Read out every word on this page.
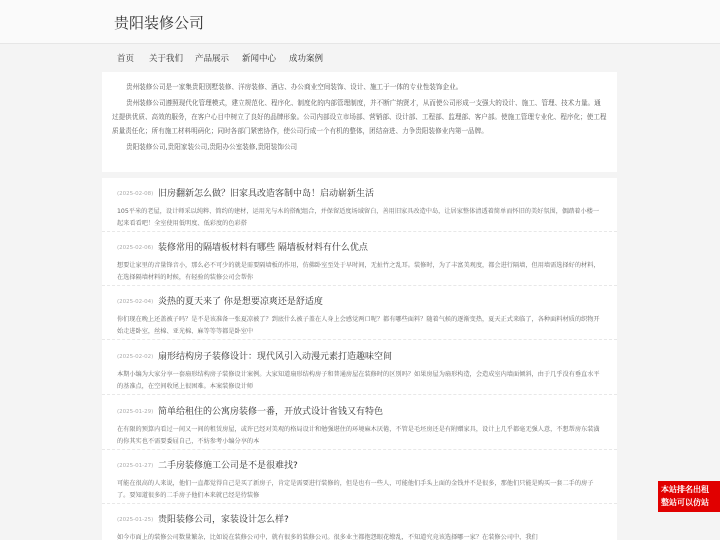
贵阳装修公司
首页 关于我们 产品展示 新闻中心 成功案例

贵州装修公司是一家集贵阳别墅装修、洋房装修、酒店、办公商业空间装饰、设计、施工于一体的专业性装饰企业。

贵州装修公司遵照现代化管理模式，建立规范化、程序化、制度化的内部管理制度，并不断广纳贤才，从而使公司形成一支强大的设计、施工、管理、技术力量。通过提供优质、高效的服务，在客户心目中树立了良好的品牌形象。公司内部设立市场部、营销部、设计部、工程部、监理部、客户部。使施工管理专业化、程序化；使工程质量责任化；所有施工材料明码化；同时各部门紧密协作，使公司行成一个有机的整体，团结奋进、力争贵阳装修业内第一品牌。

贵阳装修公司,贵阳家装公司,贵阳办公室装修,贵阳装饰公司

(2025-02-08) 旧房翻新怎么做？旧家具改造客制中岛！启动崭新生活
105平米的老屋，设计师采以纯粹、简约的建材，运用光与木的搭配组合，并保留适度场域留白，善用旧家具改造中岛，让居家整体清透着简单而怀旧的美好氛围，偶踏着小楼一起来看看吧！全室使用低明度、低彩度的色彩搭
(2025-02-06) 装修常用的隔墙板材料有哪些 隔墙板材料有什么优点
想要让家里的音量锋音小，那么必不可少的就是需要隔墙板的作用，仿佛卧室至处于早时间，无扯竹之乱耳。装修时，为了丰富美观度，都会进行隔墙，但用墙需选择好的材料，在选择隔墙材料的时候，有轻验的装修公司会帮你
(2025-02-04) 炎热的夏天来了 你是想要凉爽还是舒适度
你们现在晚上还盖被子吗？是不是该准备一张夏凉被了？到底什么被子盖在人身上会感觉两口呢？都有哪些面料？随着气候的逐渐变热，夏天正式来临了，各种面料材质的织物开始走进卧室，丝棉、亚光棉、麻等等等都是卧室中
(2025-02-02) 扇形结构房子装修设计：现代风引入动漫元素打造趣味空间
本期小编为大家分享一套扇形结构房子装修设计案例。大家知道扇形结构房子和普通房屋在装修时的区别吗？如果房屋为扇形构造，会造成室内墙面倾斜，由于几乎没有垂直水平的基准点，在空间收尾上很困难。本案装修设计师
(2025-01-29) 简单给租住的公寓房装修一番，开放式设计省钱又有特色
在有限的预算内看过一间又一间的租赁房屋，或许已经对美观的格局设计和勉强堪住的环境麻木厌倦，不管是毛坯房还是有附赠家具，设计上几乎都毫无强人意，不想帮房东装潢的你其实也不需要委屈自己，不妨参考小编分享的本
(2025-01-27) 二手房装修施工公司是不是很难找?
可能在很高的人来说，他们一直都觉得自己是买了新房子，肯定是需要进行装修的，但是也有一些人，可能他们手头上面的金钱并不是很多，那他们只能是购买一套二手的房子了。要知道很多的二手房子他们本来就已经是待装修
(2025-01-25) 贵阳装修公司，家装设计怎么样?
如今市面上的装修公司数量繁杂，比如说在装修公司中，就有很多的装修公司。很多业主都抱怨眼花缭乱，不知道究竟该选择哪一家？在装修公司中，我们
本站排名出租
整站可以仿站
